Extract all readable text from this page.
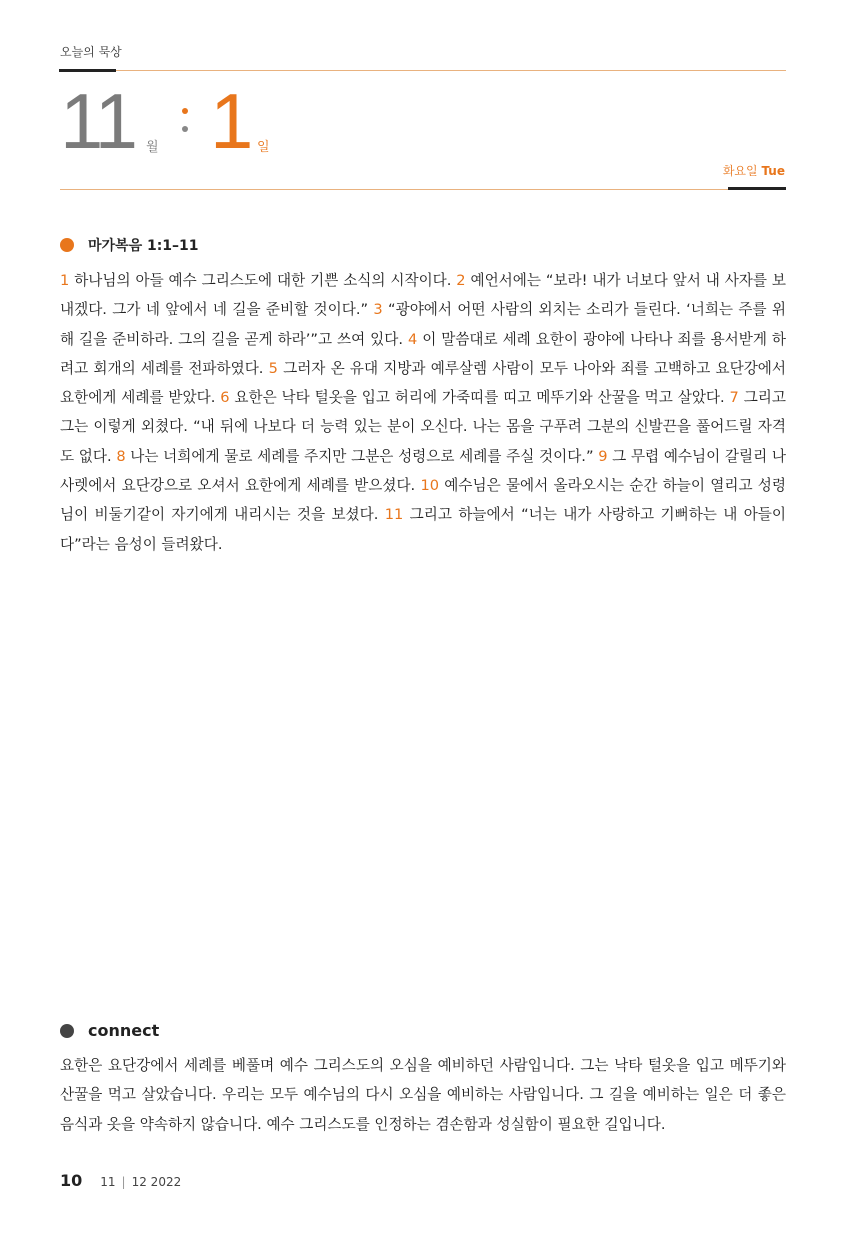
오늘의 묵상
11 월 1 일
화요일 Tue
마가복음 1:1–11
1 하나님의 아들 예수 그리스도에 대한 기쁜 소식의 시작이다. 2 예언서에는 “보라! 내가 너보다 앞서 내 사자를 보내겠다. 그가 네 앞에서 네 길을 준비할 것이다.” 3 “광야에서 어떤 사람의 외치는 소리가 들린다. ‘너희는 주를 위해 길을 준비하라. 그의 길을 곧게 하라’”고 쓰여 있다. 4 이 말씀대로 세례 요한이 광야에 나타나 죄를 용서받게 하려고 회개의 세례를 전파하였다. 5 그러자 온 유대 지방과 예루살렘 사람이 모두 나아와 죄를 고백하고 요단강에서 요한에게 세례를 받았다. 6 요한은 낙타 털옷을 입고 허리에 가죽띠를 띠고 메뚜기와 산꿀을 먹고 살았다. 7 그리고 그는 이렇게 외쳤다. “내 뒤에 나보다 더 능력 있는 분이 오신다. 나는 몸을 구푸려 그분의 신발끈을 풀어드릴 자격도 없다. 8 나는 너희에게 물로 세례를 주지만 그분은 성령으로 세례를 주실 것이다.” 9 그 무렵 예수님이 갈릴리 나사렛에서 요단강으로 오셔서 요한에게 세례를 받으셨다. 10 예수님은 물에서 올라오시는 순간 하늘이 열리고 성령님이 비둘기같이 자기에게 내리시는 것을 보셨다. 11 그리고 하늘에서 “너는 내가 사랑하고 기뻐하는 내 아들이다”라는 음성이 들려왔다.
connect
요한은 요단강에서 세례를 베풀며 예수 그리스도의 오심을 예비하던 사람입니다. 그는 낙타 털옷을 입고 메뚜기와 산꿀을 먹고 살았습니다. 우리는 모두 예수님의 다시 오심을 예비하는 사람입니다. 그 길을 예비하는 일은 더 좋은 음식과 옷을 약속하지 않습니다. 예수 그리스도를 인정하는 겸손함과 성실함이 필요한 길입니다.
10 11 | 12 2022
